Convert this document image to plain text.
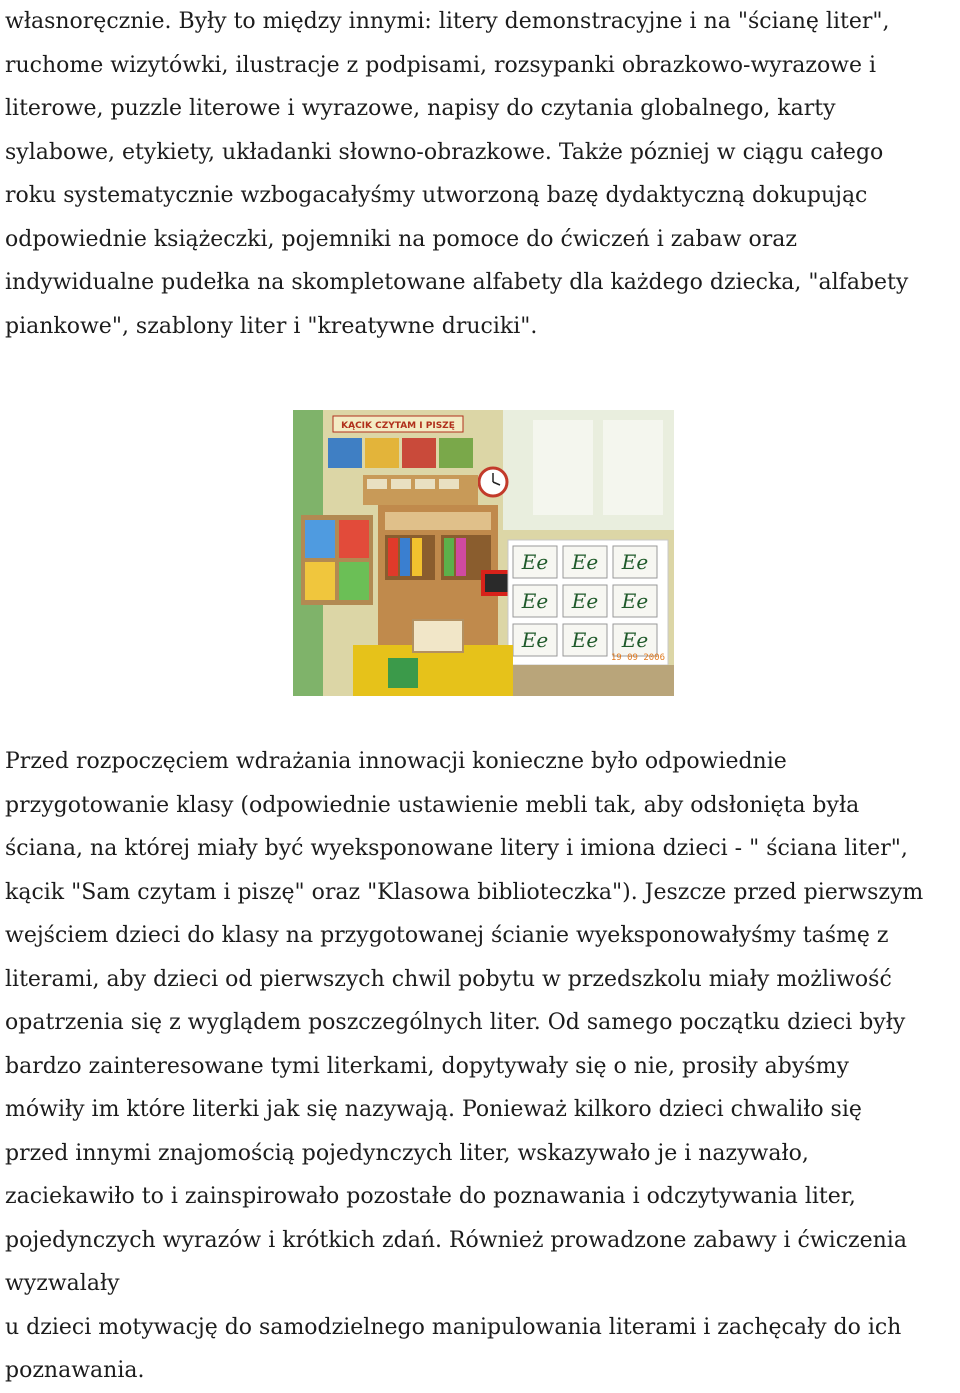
własnoręcznie. Były to między innymi: litery demonstracyjne i na "ścianę liter",
ruchome wizytówki, ilustracje z podpisami, rozsypanki obrazkowo-wyrazowe i
literowe, puzzle literowe i wyrazowe, napisy do czytania globalnego, karty
sylabowe, etykiety, układanki słowno-obrazkowe. Także pózniej w ciągu całego
roku systematycznie wzbogacałyśmy utworzoną bazę dydaktyczną dokupując
odpowiednie książeczki, pojemniki na pomoce do ćwiczeń i zabaw oraz
indywidualne pudełka na skompletowane alfabety dla każdego dziecka, "alfabety
piankowe", szablony liter i "kreatywne druciki".
KĄCIK CZYTAM I PISZĘ
Ee Ee Ee
Ee Ee Ee
Ee Ee Ee
19 09 2006
Przed rozpoczęciem wdrażania innowacji konieczne było odpowiednie
przygotowanie klasy (odpowiednie ustawienie mebli tak, aby odsłonięta była
ściana, na której miały być wyeksponowane litery i imiona dzieci - " ściana liter",
kącik "Sam czytam i piszę" oraz "Klasowa biblioteczka"). Jeszcze przed pierwszym
wejściem dzieci do klasy na przygotowanej ścianie wyeksponowałyśmy taśmę z
literami, aby dzieci od pierwszych chwil pobytu w przedszkolu miały możliwość
opatrzenia się z wyglądem poszczególnych liter. Od samego początku dzieci były
bardzo zainteresowane tymi literkami, dopytywały się o nie, prosiły abyśmy
mówiły im które literki jak się nazywają. Ponieważ kilkoro dzieci chwaliło się
przed innymi znajomością pojedynczych liter, wskazywało je i nazywało,
zaciekawiło to i zainspirowało pozostałe do poznawania i odczytywania liter,
pojedynczych wyrazów i krótkich zdań. Również prowadzone zabawy i ćwiczenia
wyzwalały
u dzieci motywację do samodzielnego manipulowania literami i zachęcały do ich
poznawania.
